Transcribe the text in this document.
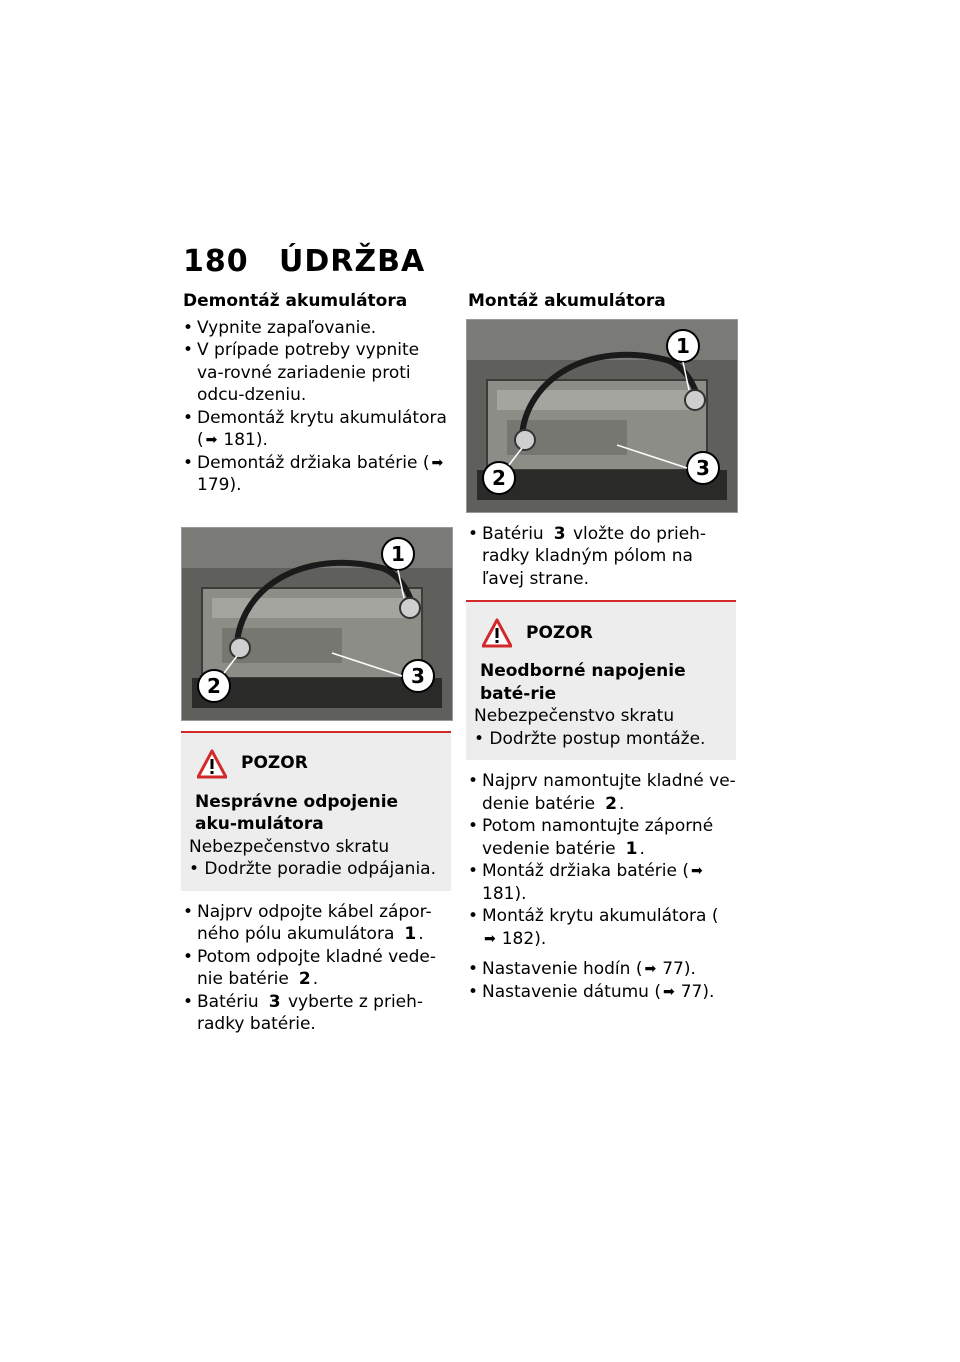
180	ÚDRŽBA
Demontáž akumulátora
• Vypnite zapaľovanie.
• V prípade potreby vypnite va-rovné zariadenie proti odcu-dzeniu.
• Demontáž krytu akumulátora ( ➡ 181).
• Demontáž držiaka batérie ( ➡179).
1
2	3
POZOR
Nesprávne odpojenie aku-mulátora
Nebezpečenstvo skratu
• Dodržte poradie odpájania.
• Najprv odpojte kábel zápor-ného pólu akumulátora 1 .
• Potom odpojte kladné vede-nie batérie 2 .
• Batériu 3 vyberte z prieh-radky batérie.
Montáž akumulátora
1
2	3
• Batériu 3 vložte do prieh-radky kladným pólom na ľavej strane.
POZOR
Neodborné napojenie baté-rie
Nebezpečenstvo skratu
• Dodržte postup montáže.
• Najprv namontujte kladné ve-denie batérie 2 .
• Potom namontujte záporné vedenie batérie 1 .
• Montáž držiaka batérie ( ➡181).
• Montáž krytu akumulátora (➡ 182).
• Nastavenie hodín ( ➡ 77).
• Nastavenie dátumu ( ➡ 77).
